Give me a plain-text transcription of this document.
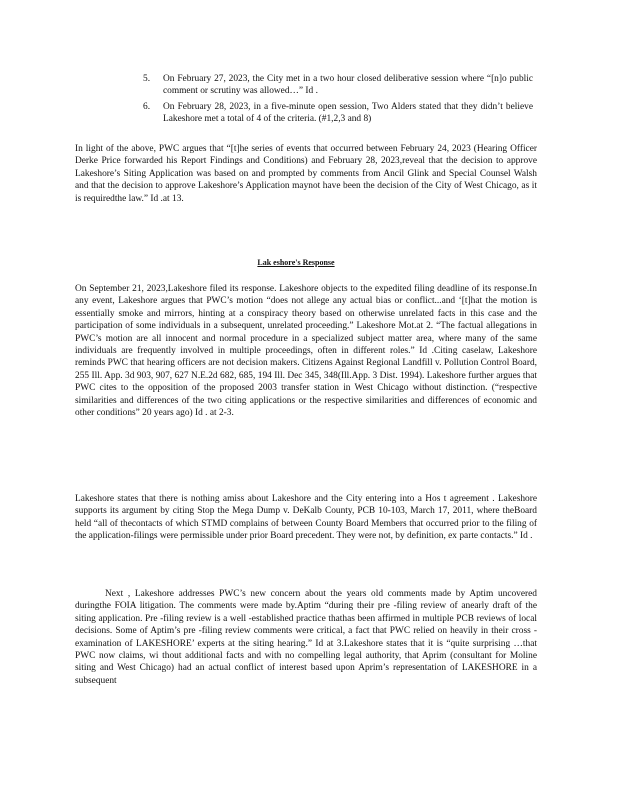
5. On February 27, 2023, the City met in a two hour closed deliberative session where “[n]o public comment or scrutiny was allowed…” Id .
6. On February 28, 2023, in a five-minute open session, Two Alders stated that they didn’t believe Lakeshore met a total of 4 of the criteria. (#1,2,3 and 8)

In light of the above, PWC argues that “[t]he series of events that occurred between February 24, 2023 (Hearing Officer Derke Price forwarded his Report Findings and Conditions) and February 28, 2023,reveal that the decision to approve Lakeshore’s Siting Application was based on and prompted by comments from Ancil Glink and Special Counsel Walsh and that the decision to approve Lakeshore’s Application maynot have been the decision of the City of West Chicago, as it is requiredthe law.” Id .at 13.

Lak eshore's Response

On September 21, 2023,Lakeshore filed its response. Lakeshore objects to the expedited filing deadline of its response.In any event, Lakeshore argues that PWC’s motion “does not allege any actual bias or conflict...and ‘[t]hat the motion is essentially smoke and mirrors, hinting at a conspiracy theory based on otherwise unrelated facts in this case and the participation of some individuals in a subsequent, unrelated proceeding.” Lakeshore Mot.at 2. “The factual allegations in PWC’s motion are all innocent and normal procedure in a specialized subject matter area, where many of the same individuals are frequently involved in multiple proceedings, often in different roles.” Id .Citing caselaw, Lakeshore reminds PWC that hearing officers are not decision makers. Citizens Against Regional Landfill v. Pollution Control Board, 255 Ill. App. 3d 903, 907, 627 N.E.2d 682, 685, 194 Ill. Dec 345, 348(Ill.App. 3 Dist. 1994). Lakeshore further argues that PWC cites to the opposition of the proposed 2003 transfer station in West Chicago without distinction. (“respective similarities and differences of the two citing applications or the respective similarities and differences of economic and other conditions” 20 years ago) Id . at 2-3.

Lakeshore states that there is nothing amiss about Lakeshore and the City entering into a Hos t agreement . Lakeshore supports its argument by citing Stop the Mega Dump v. DeKalb County, PCB 10-103, March 17, 2011, where theBoard held “all of thecontacts of which STMD complains of between County Board Members that occurred prior to the filing of the application-filings were permissible under prior Board precedent. They were not, by definition, ex parte contacts.” Id .

Next , Lakeshore addresses PWC’s new concern about the years old comments made by Aptim uncovered duringthe FOIA litigation. The comments were made by.Aptim “during their pre -filing review of anearly draft of the siting application. Pre -filing review is a well -established practice thathas been affirmed in multiple PCB reviews of local decisions. Some of Aptim’s pre -filing review comments were critical, a fact that PWC relied on heavily in their cross -examination of LAKESHORE’ experts at the siting hearing.” Id at 3.Lakeshore states that it is “quite surprising …that PWC now claims, wi thout additional facts and with no compelling legal authority, that Aprim (consultant for Moline siting and West Chicago) had an actual conflict of interest based upon Aprim’s representation of LAKESHORE in a subsequent
